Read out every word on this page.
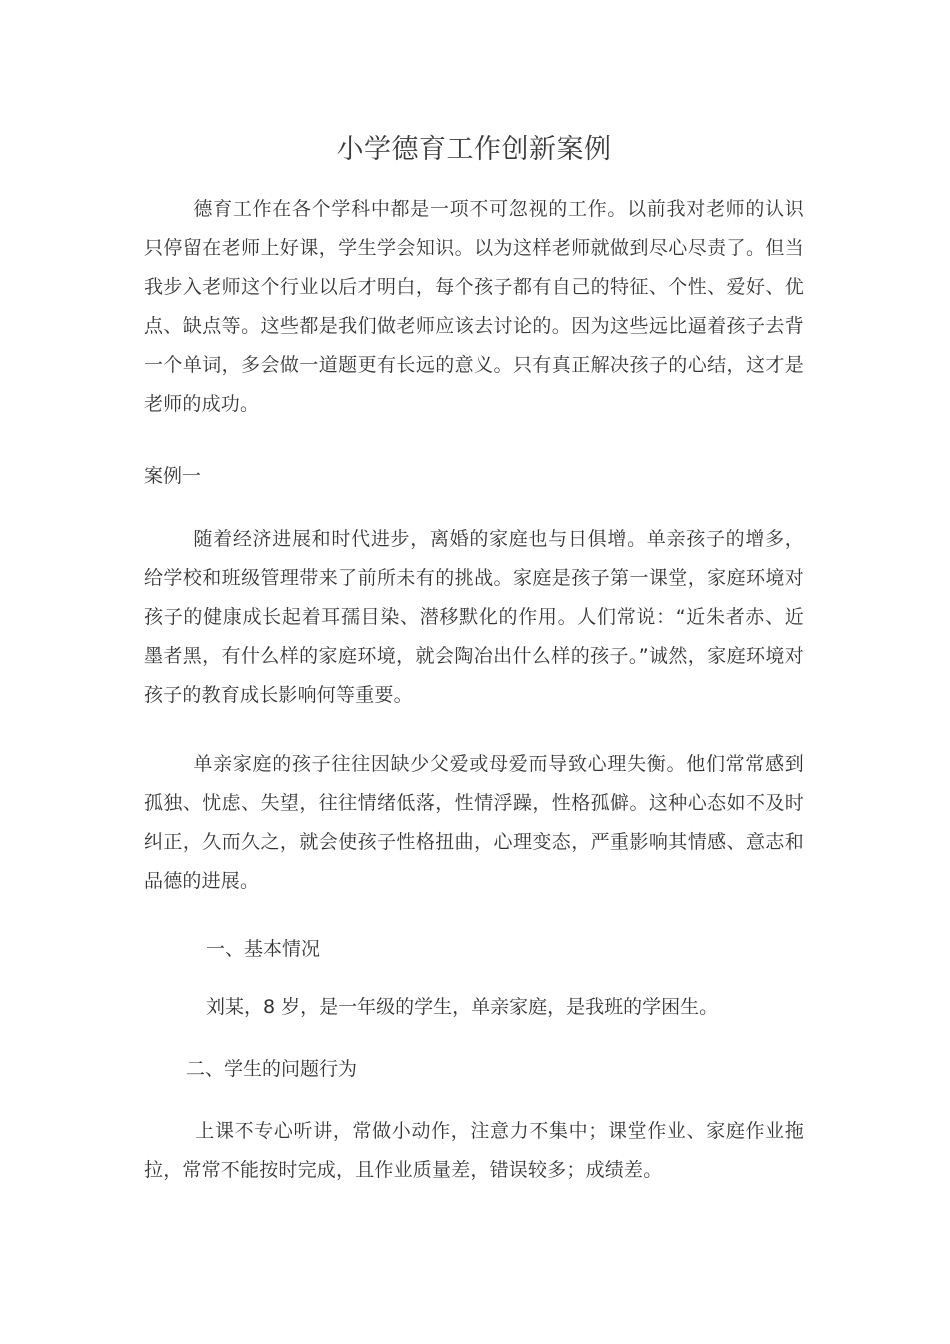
小学德育工作创新案例

德育工作在各个学科中都是一项不可忽视的工作。以前我对老师的认识只停留在老师上好课，学生学会知识。以为这样老师就做到尽心尽责了。但当我步入老师这个行业以后才明白，每个孩子都有自己的特征、个性、爱好、优点、缺点等。这些都是我们做老师应该去讨论的。因为这些远比逼着孩子去背一个单词，多会做一道题更有长远的意义。只有真正解决孩子的心结，这才是老师的成功。

案例一

随着经济进展和时代进步，离婚的家庭也与日俱增。单亲孩子的增多，给学校和班级管理带来了前所未有的挑战。家庭是孩子第一课堂，家庭环境对孩子的健康成长起着耳孺目染、潜移默化的作用。人们常说：“近朱者赤、近墨者黑，有什么样的家庭环境，就会陶冶出什么样的孩子。”诚然，家庭环境对孩子的教育成长影响何等重要。

单亲家庭的孩子往往因缺少父爱或母爱而导致心理失衡。他们常常感到孤独、忧虑、失望，往往情绪低落，性情浮躁，性格孤僻。这种心态如不及时纠正，久而久之，就会使孩子性格扭曲，心理变态，严重影响其情感、意志和品德的进展。

一、基本情况

刘某，8 岁，是一年级的学生，单亲家庭，是我班的学困生。

二、学生的问题行为

上课不专心听讲，常做小动作，注意力不集中；课堂作业、家庭作业拖拉，常常不能按时完成，且作业质量差，错误较多；成绩差。
